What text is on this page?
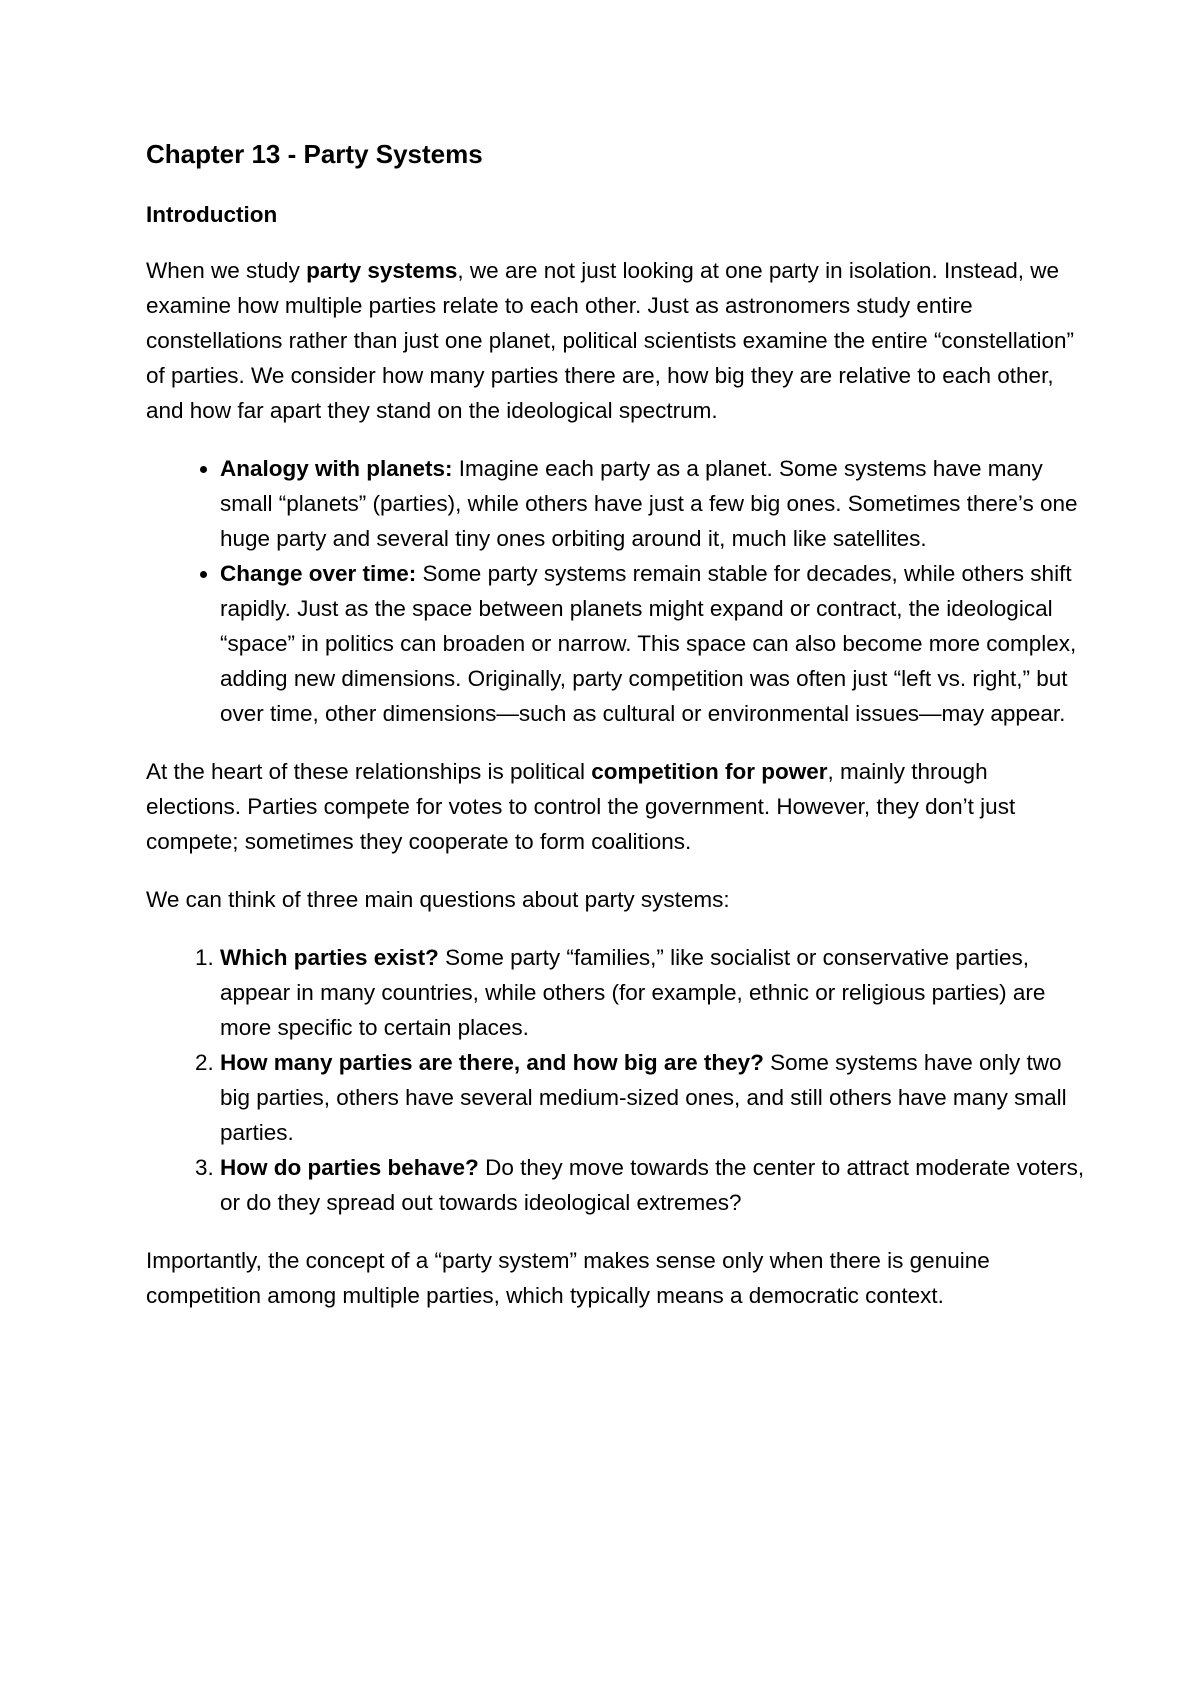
Chapter 13 - Party Systems
Introduction

When we study party systems, we are not just looking at one party in isolation. Instead, we examine how multiple parties relate to each other. Just as astronomers study entire constellations rather than just one planet, political scientists examine the entire “constellation” of parties. We consider how many parties there are, how big they are relative to each other, and how far apart they stand on the ideological spectrum.

• Analogy with planets: Imagine each party as a planet. Some systems have many small “planets” (parties), while others have just a few big ones. Sometimes there’s one huge party and several tiny ones orbiting around it, much like satellites.
• Change over time: Some party systems remain stable for decades, while others shift rapidly. Just as the space between planets might expand or contract, the ideological “space” in politics can broaden or narrow. This space can also become more complex, adding new dimensions. Originally, party competition was often just “left vs. right,” but over time, other dimensions—such as cultural or environmental issues—may appear.

At the heart of these relationships is political competition for power, mainly through elections. Parties compete for votes to control the government. However, they don’t just compete; sometimes they cooperate to form coalitions.

We can think of three main questions about party systems:

1. Which parties exist? Some party “families,” like socialist or conservative parties, appear in many countries, while others (for example, ethnic or religious parties) are more specific to certain places.
2. How many parties are there, and how big are they? Some systems have only two big parties, others have several medium-sized ones, and still others have many small parties.
3. How do parties behave? Do they move towards the center to attract moderate voters, or do they spread out towards ideological extremes?

Importantly, the concept of a “party system” makes sense only when there is genuine competition among multiple parties, which typically means a democratic context.
